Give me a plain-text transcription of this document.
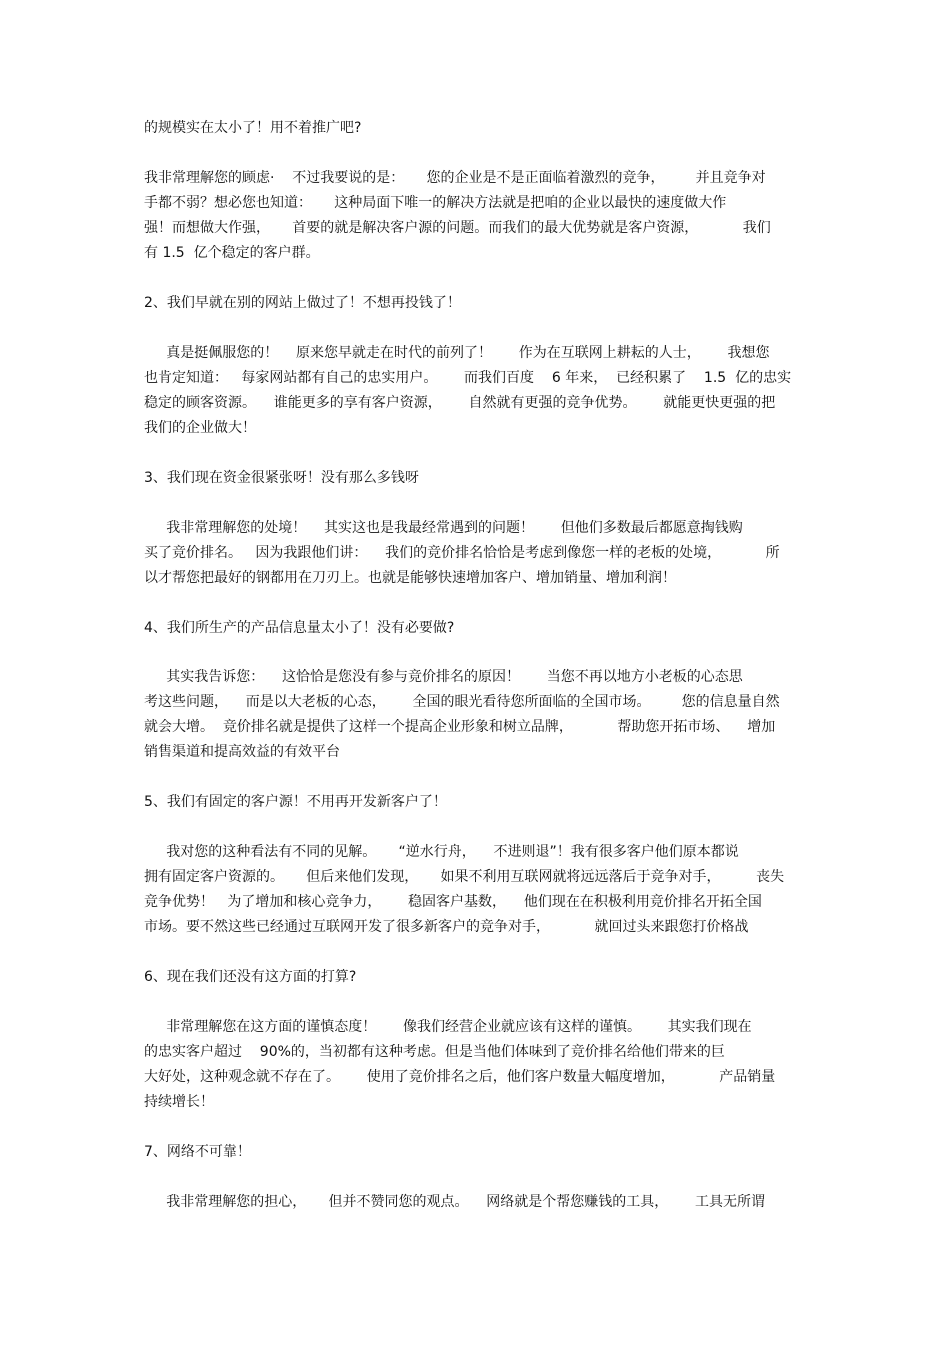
的规模实在太小了！用不着推广吧?
我非常理解您的顾虑·    不过我要说的是：     您的企业是不是正面临着激烈的竞争，       并且竞争对
手都不弱？想必您也知道：     这种局面下唯一的解决方法就是把咱的企业以最快的速度做大作
强！而想做大作强，     首要的就是解决客户源的问题。而我们的最大优势就是客户资源，          我们
有 1.5  亿个稳定的客户群。
2、我们早就在别的网站上做过了！不想再投钱了！
真是挺佩服您的！    原来您早就走在时代的前列了！      作为在互联网上耕耘的人士，      我想您
也肯定知道：   每家网站都有自己的忠实用户。      而我们百度    6 年来，  已经积累了    1.5  亿的忠实
稳定的顾客资源。    谁能更多的享有客户资源，      自然就有更强的竞争优势。      就能更快更强的把
我们的企业做大！
3、我们现在资金很紧张呀！没有那么多钱呀
我非常理解您的处境！    其实这也是我最经常遇到的问题！      但他们多数最后都愿意掏钱购
买了竞价排名。   因为我跟他们讲：    我们的竞价排名恰恰是考虑到像您一样的老板的处境，          所
以才帮您把最好的钢都用在刀刃上。也就是能够快速增加客户、增加销量、增加利润！
4、我们所生产的产品信息量太小了！没有必要做?
其实我告诉您：    这恰恰是您没有参与竞价排名的原因！      当您不再以地方小老板的心态思
考这些问题，    而是以大老板的心态，      全国的眼光看待您所面临的全国市场。       您的信息量自然
就会大增。  竞价排名就是提供了这样一个提高企业形象和树立品牌，          帮助您开拓市场、    增加
销售渠道和提高效益的有效平台
5、我们有固定的客户源！不用再开发新客户了！
我对您的这种看法有不同的见解。     “逆水行舟，    不进则退”！我有很多客户他们原本都说
拥有固定客户资源的。     但后来他们发现，     如果不利用互联网就将远远落后于竞争对手，        丧失
竞争优势！   为了增加和核心竞争力，      稳固客户基数，    他们现在在积极利用竞价排名开拓全国
市场。要不然这些已经通过互联网开发了很多新客户的竞争对手，          就回过头来跟您打价格战
6、现在我们还没有这方面的打算?
非常理解您在这方面的谨慎态度！      像我们经营企业就应该有这样的谨慎。      其实我们现在
的忠实客户超过    90%的，当初都有这种考虑。但是当他们体味到了竞价排名给他们带来的巨
大好处，这种观念就不存在了。      使用了竞价排名之后，他们客户数量大幅度增加，          产品销量
持续增长！
7、网络不可靠！
我非常理解您的担心，     但并不赞同您的观点。    网络就是个帮您赚钱的工具，      工具无所谓
